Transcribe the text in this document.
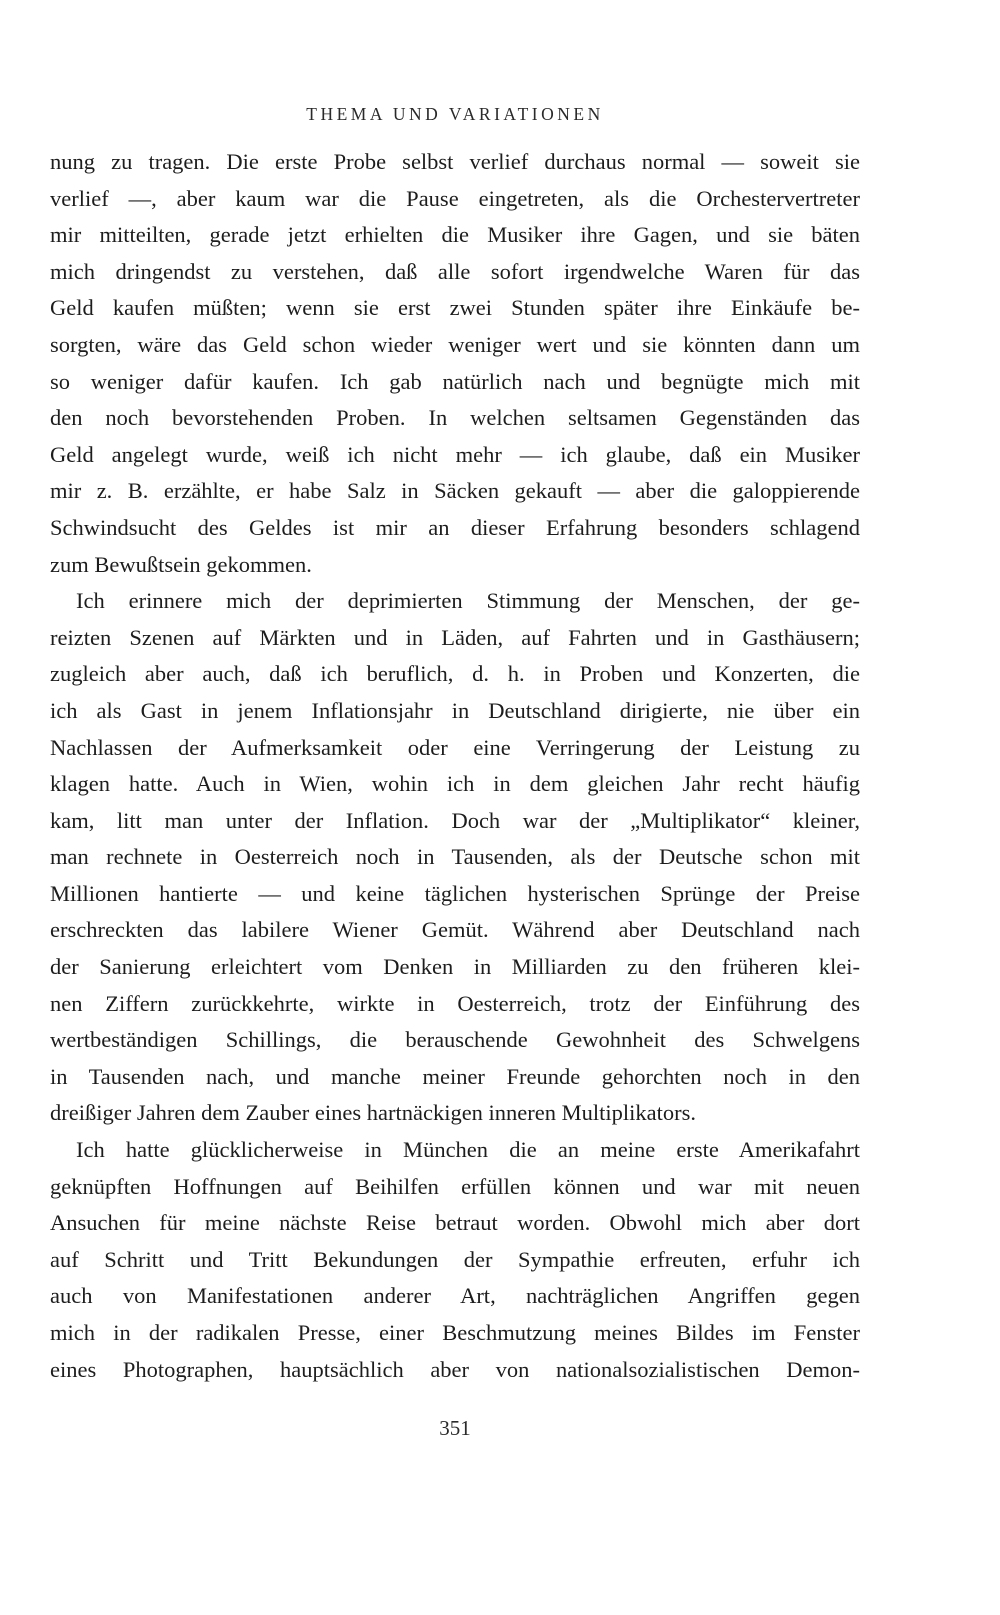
THEMA UND VARIATIONEN
nung zu tragen. Die erste Probe selbst verlief durchaus normal — soweit sie
verlief —, aber kaum war die Pause eingetreten, als die Orchestervertreter
mir mitteilten, gerade jetzt erhielten die Musiker ihre Gagen, und sie bäten
mich dringendst zu verstehen, daß alle sofort irgendwelche Waren für das
Geld kaufen müßten; wenn sie erst zwei Stunden später ihre Einkäufe be-
sorgten, wäre das Geld schon wieder weniger wert und sie könnten dann um
so weniger dafür kaufen. Ich gab natürlich nach und begnügte mich mit
den noch bevorstehenden Proben. In welchen seltsamen Gegenständen das
Geld angelegt wurde, weiß ich nicht mehr — ich glaube, daß ein Musiker
mir z. B. erzählte, er habe Salz in Säcken gekauft — aber die galoppierende
Schwindsucht des Geldes ist mir an dieser Erfahrung besonders schlagend
zum Bewußtsein gekommen.
Ich erinnere mich der deprimierten Stimmung der Menschen, der ge-
reizten Szenen auf Märkten und in Läden, auf Fahrten und in Gasthäusern;
zugleich aber auch, daß ich beruflich, d. h. in Proben und Konzerten, die
ich als Gast in jenem Inflationsjahr in Deutschland dirigierte, nie über ein
Nachlassen der Aufmerksamkeit oder eine Verringerung der Leistung zu
klagen hatte. Auch in Wien, wohin ich in dem gleichen Jahr recht häufig
kam, litt man unter der Inflation. Doch war der „Multiplikator“ kleiner,
man rechnete in Oesterreich noch in Tausenden, als der Deutsche schon mit
Millionen hantierte — und keine täglichen hysterischen Sprünge der Preise
erschreckten das labilere Wiener Gemüt. Während aber Deutschland nach
der Sanierung erleichtert vom Denken in Milliarden zu den früheren klei-
nen Ziffern zurückkehrte, wirkte in Oesterreich, trotz der Einführung des
wertbeständigen Schillings, die berauschende Gewohnheit des Schwelgens
in Tausenden nach, und manche meiner Freunde gehorchten noch in den
dreißiger Jahren dem Zauber eines hartnäckigen inneren Multiplikators.
Ich hatte glücklicherweise in München die an meine erste Amerikafahrt
geknüpften Hoffnungen auf Beihilfen erfüllen können und war mit neuen
Ansuchen für meine nächste Reise betraut worden. Obwohl mich aber dort
auf Schritt und Tritt Bekundungen der Sympathie erfreuten, erfuhr ich
auch von Manifestationen anderer Art, nachträglichen Angriffen gegen
mich in der radikalen Presse, einer Beschmutzung meines Bildes im Fenster
eines Photographen, hauptsächlich aber von nationalsozialistischen Demon-
351
